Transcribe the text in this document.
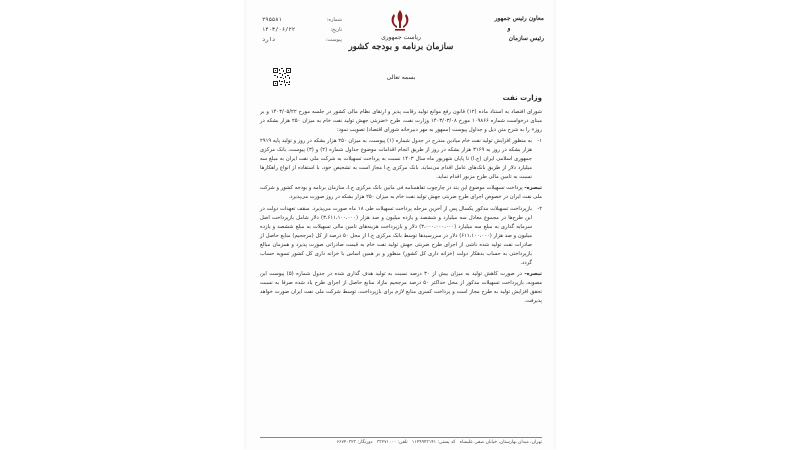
معاون رئیس جمهور
و
رئیس سازمان
ریاست جمهوری
سازمان برنامه و بودجه کشور
شماره:
۲۹۵۵۸۱
تاریخ:
۱۴۰۳/۰۶/۲۲
پیوست:
دارد
بسمه تعالی
وزارت نفت

شورای اقتصاد به استناد ماده (۱۲) قانون رفع موانع تولید رقابت پذیر و ارتقای نظام مالی کشور در جلسه مورخ ۱۴۰۳/۰۵/۲۲ و بر مبنای درخواست شماره ۱۰۹۸۶۶ مورخ ۱۴۰۳/۰۳/۰۸ وزارت نفت، طرح «ضربتی جهش تولید نفت خام به میزان ۲۵۰ هزار بشکه در روز» را به شرح متن ذیل و جداول پیوست (ممهور به مهر دبیرخانه شورای اقتصاد) تصویب نمود:

۱-
به منظور افزایش تولید نفت خام میادین مندرج در جدول شماره (۱) پیوست، به میزان ۲۵۰ هزار بشکه در روز و تولید پایه ۲۹۱۹ هزار بشکه در روز به ۳۱۶۹ هزار بشکه در روز از طریق انجام اقدامات موضوع جداول شماره (۲) و (۳) پیوست، بانک مرکزی جمهوری اسلامی ایران (ج.ا) تا پایان شهریور ماه سال ۱۴۰۳ نسبت به پرداخت تسهیلات به شرکت ملی نفت ایران به مبلغ سه میلیارد دلار از طریق بانک‌های عامل اقدام می‌نماید. بانک مرکزی ج.ا مجاز است به تشخیص خود، با استفاده از انواع راهکارها نسبت به تامین مالی طرح مزبور اقدام نماید.
تبصره- پرداخت تسهیلات موضوع این بند در چارچوب تفاهمنامه فی مابین بانک مرکزی ج.ا، سازمان برنامه و بودجه کشور و شرکت ملی نفت ایران در خصوص اجرای طرح ضربتی جهش تولید نفت خام به میزان ۲۵۰ هزار بشکه در روز صورت می‌پذیرد.
۲-
بازپرداخت تسهیلات مذکور یکسال پس از آخرین مرحله پرداخت تسهیلات طی ۱۸ ماه صورت می‌پذیرد. سقف تعهدات دولت در این طرح‌ها در مجموع معادل سه میلیارد و ششصد و یازده میلیون و صد هزار (۳،۶۱۱،۱۰۰،۰۰۰) دلار شامل بازپرداخت اصل سرمایه گذاری به مبلغ سه میلیارد (۳،۰۰۰،۰۰۰،۰۰۰) دلار و بازپرداخت هزینه‌های تامین مالی تسهیلات به مبلغ ششصد و یازده میلیون و صد هزار (۶۱۱،۱۰۰،۰۰۰) دلار در سررسیدها توسط بانک مرکزی ج.ا از محل ۵۰ درصد از کل (مرجحیم) منابع حاصل از صادرات نفت تولید شده ناشی از اجرای طرح ضربتی جهش تولید نفت خام به قیمت صادراتی صورت پذیرد و همزمان مبالغ بازپرداختی به حساب بدهکار دولت (خزانه داری کل کشور) منظور و بر همین اساس با خزانه داری کل کشور تسویه حساب گردد.
تبصره- در صورت کاهش تولید به میزان بیش از ۳۰ درصد نسبت به تولید هدف گذاری شده در جدول شماره (۵) پیوست این مصوبه، بازپرداخت تسهیلات مذکور از محل حداکثر ۵۰ درصد مرجحیم مازاد منابع حاصل از اجرای طرح یاد شده صرفا به نسبت تحقق افزایش تولید به طرح مجاز است و پرداخت کسری منابع لازم برای بازپرداخت، توسط شرکت ملی نفت ایران صورت خواهد پذیرفت.
تهران، میدان بهارستان، خیابان صفی علیشاه   کد پستی: ۱۱۴۹۹۴۳۱۴۱   تلفن: ۳۳۲۷۱۰۰۰   دورنگار: ۶۶۷۴۰۳۲۳
